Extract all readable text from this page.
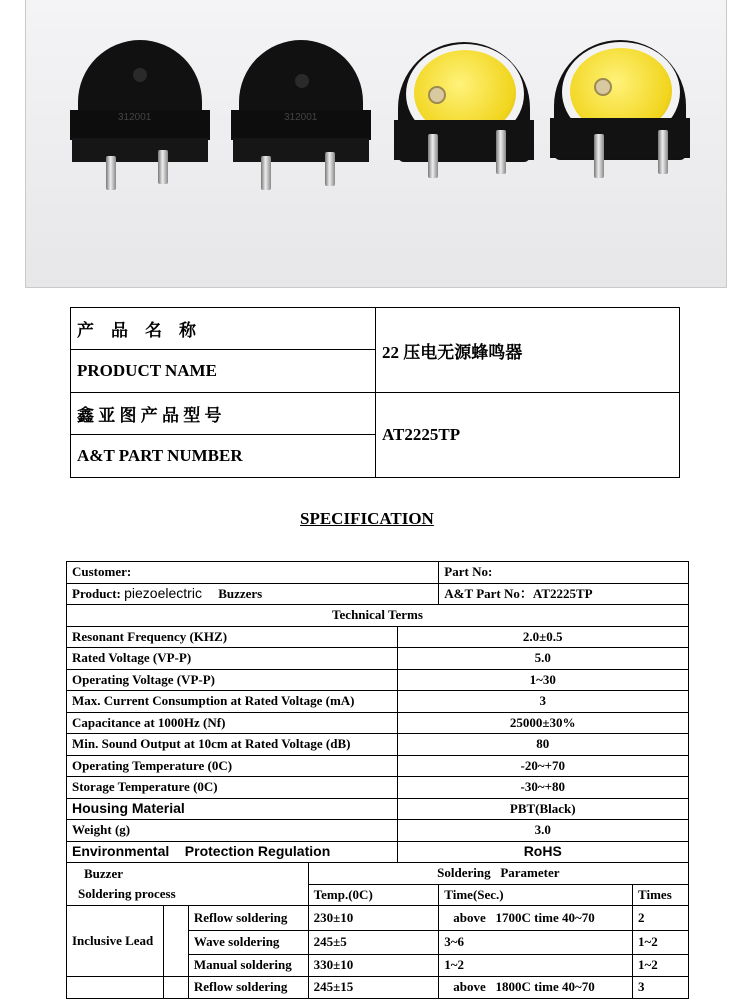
312001	312001
产　品　名　称	22 压电无源蜂鸣器
PRODUCT NAME	
鑫 亚 图 产 品 型 号	AT2225TP
A&T PART NUMBER	
SPECIFICATION
Customer:					Part No:	
Product: piezoelectric Buzzers					A&T Part No：AT2225TP	
Technical Terms						
Resonant Frequency (KHZ)				2.0±0.5		
Rated Voltage (VP-P)				5.0		
Operating Voltage (VP-P)				1~30		
Max. Current Consumption at Rated Voltage (mA)				3		
Capacitance at 1000Hz (Nf)				25000±30%		
Min. Sound Output at 10cm at Rated Voltage (dB)				80		
Operating Temperature (0C)				-20~+70		
Storage Temperature (0C)				-30~+80		
Housing Material				PBT(Black)		
Weight (g)				3.0		
Environmental    Protection Regulation				RoHS		

Buzzer
Soldering process			Soldering   Parameter			
			Temp.(0C)		Time(Sec.)	Times
Inclusive Lead		Reflow soldering	230±10		above   1700C time 40~70	2
		Wave soldering	245±5		3~6	1~2
		Manual soldering	330±10		1~2	1~2
		Reflow soldering	245±15		above   1800C time 40~70	3
